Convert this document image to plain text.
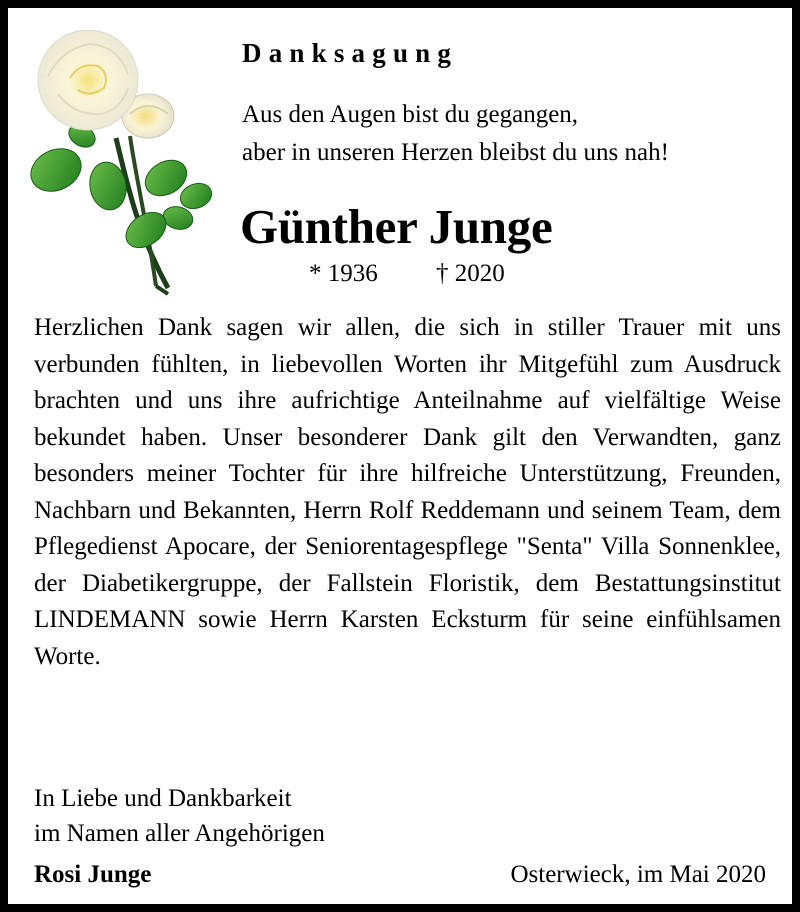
Danksagung
Aus den Augen bist du gegangen,
aber in unseren Herzen bleibst du uns nah!
Günther Junge
* 1936 † 2020
Herzlichen Dank sagen wir allen, die sich in stiller Trauer mit uns verbunden fühlten, in liebevollen Worten ihr Mitgefühl zum Ausdruck brachten und uns ihre aufrichtige Anteilnahme auf vielfältige Weise bekundet haben. Unser besonderer Dank gilt den Verwandten, ganz besonders meiner Tochter für ihre hilfreiche Unterstützung, Freunden, Nachbarn und Bekannten, Herrn Rolf Reddemann und seinem Team, dem Pflegedienst Apocare, der Seniorentagespflege "Senta" Villa Sonnenklee, der Diabetikergruppe, der Fallstein Floristik, dem Bestattungsinstitut LINDEMANN sowie Herrn Karsten Ecksturm für seine einfühlsamen Worte.
In Liebe und Dankbarkeit
im Namen aller Angehörigen
Rosi Junge	Osterwieck, im Mai 2020
